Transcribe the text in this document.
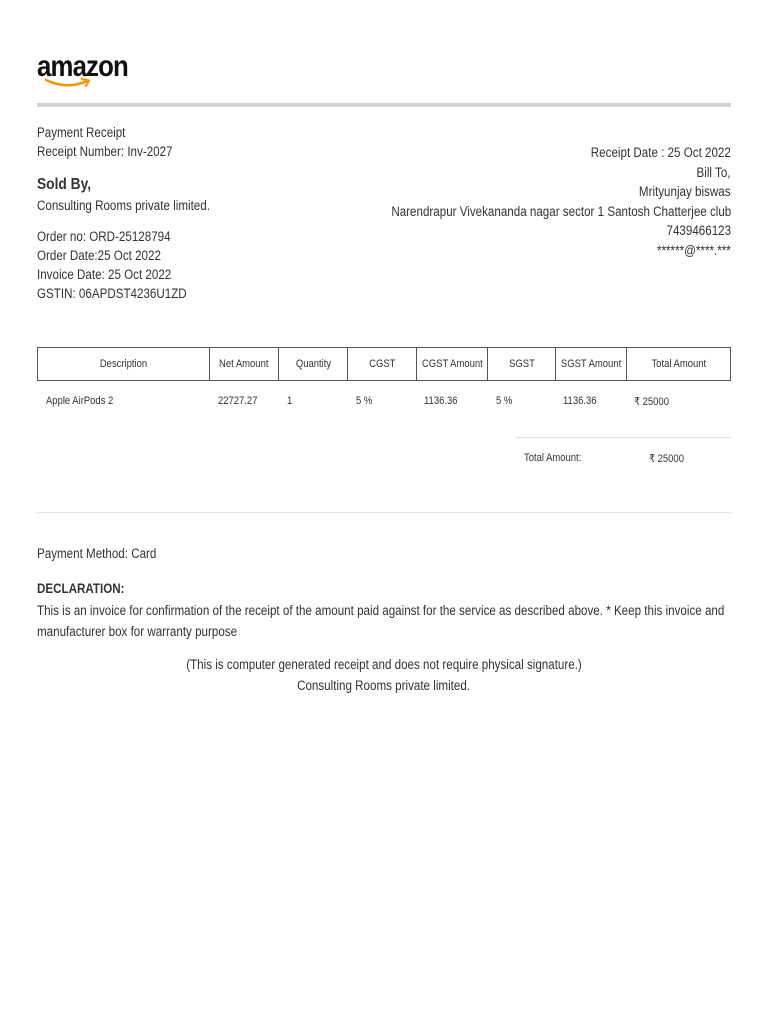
amazon
Payment Receipt
Receipt Number: Inv-2027
Sold By,
Consulting Rooms private limited.
Order no: ORD-25128794
Order Date:25 Oct 2022
Invoice Date: 25 Oct 2022
GSTIN: 06APDST4236U1ZD
Receipt Date : 25 Oct 2022
Bill To,
Mrityunjay biswas
Narendrapur Vivekananda nagar sector 1 Santosh Chatterjee club
7439466123
******@****.***
Description	Net Amount	Quantity	CGST	CGST Amount	SGST	SGST Amount	Total Amount
Apple AirPods 2	22727.27	1	5 %	1136.36	5 %	1136.36	₹ 25000
Total Amount:	₹ 25000
Payment Method: Card
DECLARATION:
This is an invoice for confirmation of the receipt of the amount paid against for the service as described above. * Keep this invoice and manufacturer box for warranty purpose
(This is computer generated receipt and does not require physical signature.)
Consulting Rooms private limited.
